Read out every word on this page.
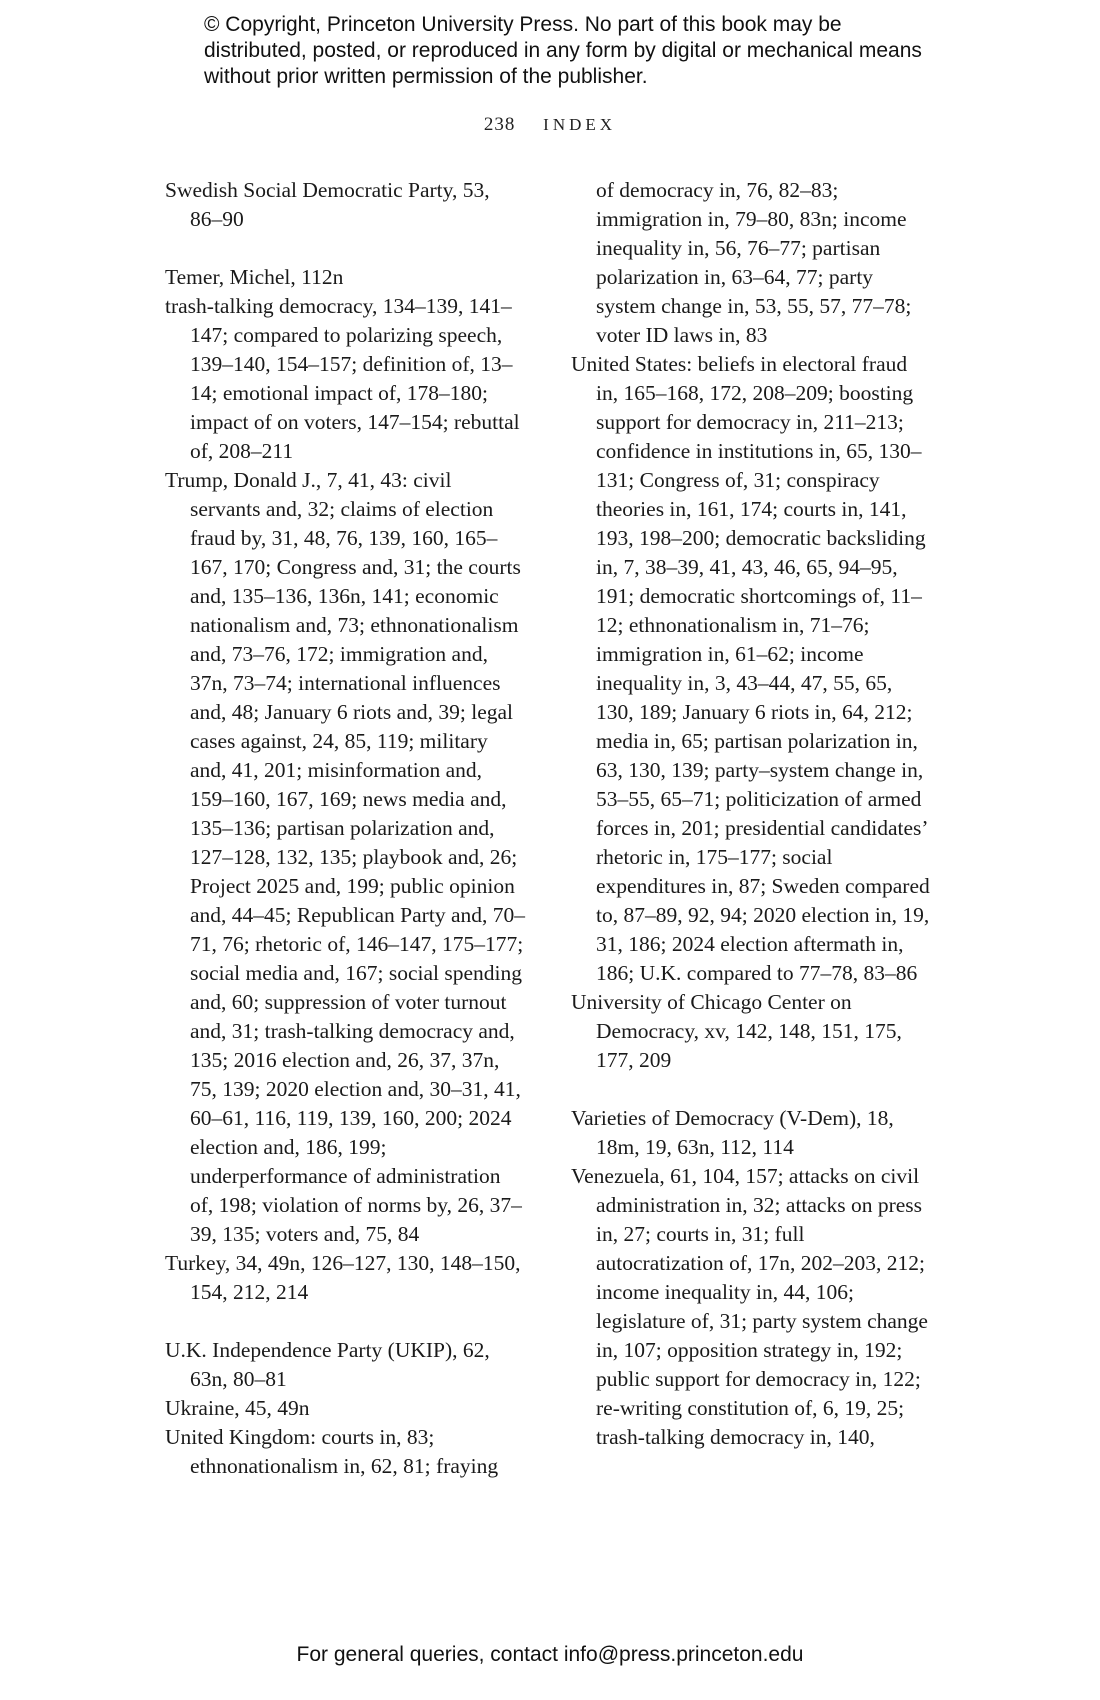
© Copyright, Princeton University Press. No part of this book may be distributed, posted, or reproduced in any form by digital or mechanical means without prior written permission of the publisher.
238 INDEX
Swedish Social Democratic Party, 53, 86–90
Temer, Michel, 112n
trash-talking democracy, 134–139, 141–147; compared to polarizing speech, 139–140, 154–157; definition of, 13–14; emotional impact of, 178–180; impact of on voters, 147–154; rebuttal of, 208–211
Trump, Donald J., 7, 41, 43: civil servants and, 32; claims of election fraud by, 31, 48, 76, 139, 160, 165–167, 170; Congress and, 31; the courts and, 135–136, 136n, 141; economic nationalism and, 73; ethnonationalism and, 73–76, 172; immigration and, 37n, 73–74; international influences and, 48; January 6 riots and, 39; legal cases against, 24, 85, 119; military and, 41, 201; misinformation and, 159–160, 167, 169; news media and, 135–136; partisan polarization and, 127–128, 132, 135; playbook and, 26; Project 2025 and, 199; public opinion and, 44–45; Republican Party and, 70–71, 76; rhetoric of, 146–147, 175–177; social media and, 167; social spending and, 60; suppression of voter turnout and, 31; trash-talking democracy and, 135; 2016 election and, 26, 37, 37n, 75, 139; 2020 election and, 30–31, 41, 60–61, 116, 119, 139, 160, 200; 2024 election and, 186, 199; underperformance of administration of, 198; violation of norms by, 26, 37–39, 135; voters and, 75, 84
Turkey, 34, 49n, 126–127, 130, 148–150, 154, 212, 214
U.K. Independence Party (UKIP), 62, 63n, 80–81
Ukraine, 45, 49n
United Kingdom: courts in, 83; ethnonationalism in, 62, 81; fraying
of democracy in, 76, 82–83; immigration in, 79–80, 83n; income inequality in, 56, 76–77; partisan polarization in, 63–64, 77; party system change in, 53, 55, 57, 77–78; voter ID laws in, 83
United States: beliefs in electoral fraud in, 165–168, 172, 208–209; boosting support for democracy in, 211–213; confidence in institutions in, 65, 130–131; Congress of, 31; conspiracy theories in, 161, 174; courts in, 141, 193, 198–200; democratic backsliding in, 7, 38–39, 41, 43, 46, 65, 94–95, 191; democratic shortcomings of, 11–12; ethnonationalism in, 71–76; immigration in, 61–62; income inequality in, 3, 43–44, 47, 55, 65, 130, 189; January 6 riots in, 64, 212; media in, 65; partisan polarization in, 63, 130, 139; party–system change in, 53–55, 65–71; politicization of armed forces in, 201; presidential candidates’ rhetoric in, 175–177; social expenditures in, 87; Sweden compared to, 87–89, 92, 94; 2020 election in, 19, 31, 186; 2024 election aftermath in, 186; U.K. compared to 77–78, 83–86
University of Chicago Center on Democracy, xv, 142, 148, 151, 175, 177, 209
Varieties of Democracy (V-Dem), 18, 18m, 19, 63n, 112, 114
Venezuela, 61, 104, 157; attacks on civil administration in, 32; attacks on press in, 27; courts in, 31; full autocratization of, 17n, 202–203, 212; income inequality in, 44, 106; legislature of, 31; party system change in, 107; opposition strategy in, 192; public support for democracy in, 122; re-writing constitution of, 6, 19, 25; trash-talking democracy in, 140,
For general queries, contact info@press.princeton.edu
